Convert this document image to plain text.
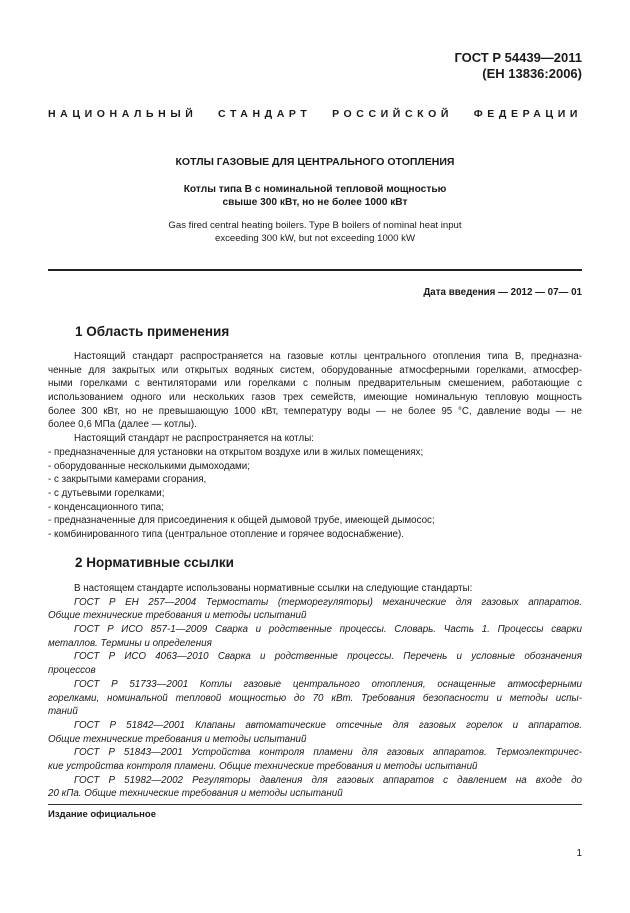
ГОСТ Р 54439—2011
(ЕН 13836:2006)
НАЦИОНАЛЬНЫЙ СТАНДАРТ РОССИЙСКОЙ ФЕДЕРАЦИИ
КОТЛЫ ГАЗОВЫЕ ДЛЯ ЦЕНТРАЛЬНОГО ОТОПЛЕНИЯ
Котлы типа В с номинальной тепловой мощностью
свыше 300 кВт, но не более 1000 кВт
Gas fired central heating boilers. Type B boilers of nominal heat input
exceeding 300 kW, but not exceeding 1000 kW
Дата введения — 2012 — 07— 01
1 Область применения
Настоящий стандарт распространяется на газовые котлы центрального отопления типа В, предназна-
ченные для закрытых или открытых водяных систем, оборудованные атмосферными горелками, атмосфер-
ными горелками с вентиляторами или горелками с полным предварительным смешением, работающие с
использованием одного или нескольких газов трех семейств, имеющие номинальную тепловую мощность
более 300 кВт, но не превышающую 1000 кВт, температуру воды — не более 95 °С, давление воды — не
более 0,6 МПа (далее — котлы).
Настоящий стандарт не распространяется на котлы:
- предназначенные для установки на открытом воздухе или в жилых помещениях;
- оборудованные несколькими дымоходами;
- с закрытыми камерами сгорания,
- с дутьевыми горелками;
- конденсационного типа;
- предназначенные для присоединения к общей дымовой трубе, имеющей дымосос;
- комбинированного типа (центральное отопление и горячее водоснабжение).
2 Нормативные ссылки
В настоящем стандарте использованы нормативные ссылки на следующие стандарты:
ГОСТ Р ЕН 257—2004 Термостаты (терморегуляторы) механические для газовых аппаратов.
Общие технические требования и методы испытаний
ГОСТ Р ИСО 857-1—2009 Сварка и родственные процессы. Словарь. Часть 1. Процессы сварки
металлов. Термины и определения
ГОСТ Р ИСО 4063—2010 Сварка и родственные процессы. Перечень и условные обозначения
процессов
ГОСТ Р 51733—2001 Котлы газовые центрального отопления, оснащенные атмосферными
горелками, номинальной тепловой мощностью до 70 кВт. Требования безопасности и методы испы-
таний
ГОСТ Р 51842—2001 Клапаны автоматические отсечные для газовых горелок и аппаратов.
Общие технические требования и методы испытаний
ГОСТ Р 51843—2001 Устройства контроля пламени для газовых аппаратов. Термоэлектричес-
кие устройства контроля пламени. Общие технические требования и методы испытаний
ГОСТ Р 51982—2002 Регуляторы давления для газовых аппаратов с давлением на входе до
20 кПа. Общие технические требования и методы испытаний
Издание официальное
1
